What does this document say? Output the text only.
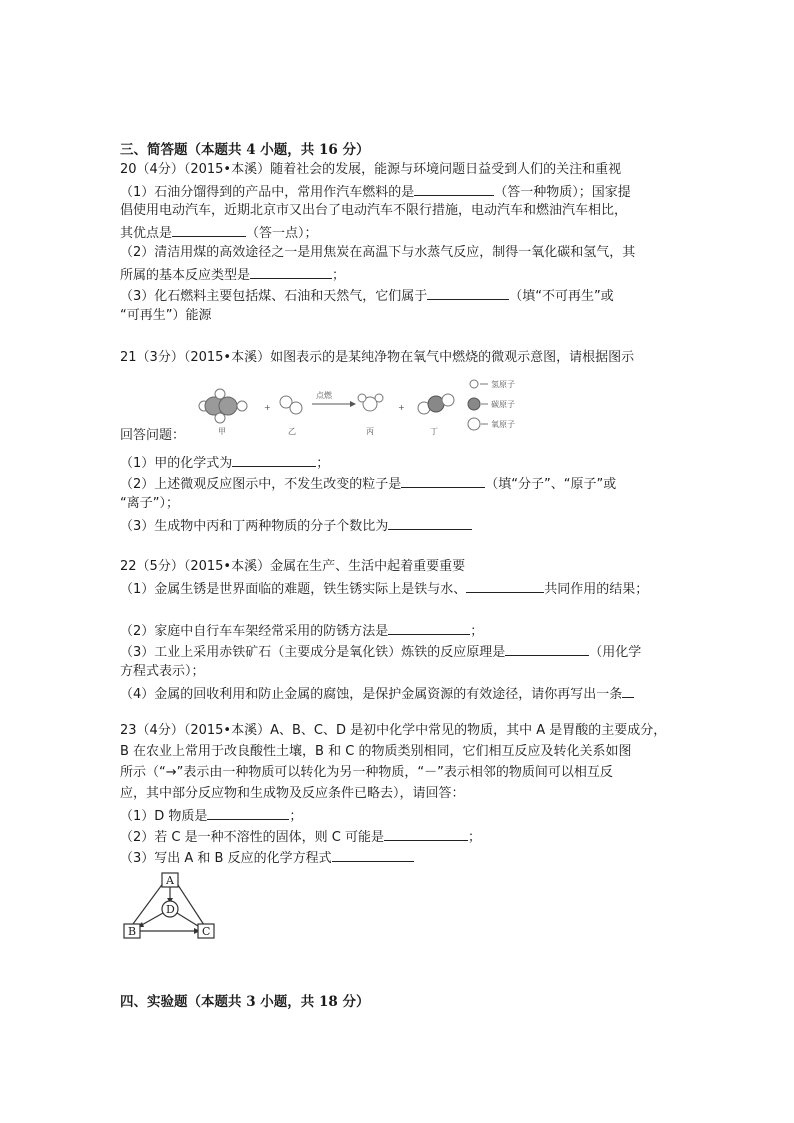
三、简答题（本题共 4 小题，共 16 分）
20（4分）（2015•本溪）随着社会的发展，能源与环境问题日益受到人们的关注和重视
（1）石油分馏得到的产品中，常用作汽车燃料的是	（答一种物质）；国家提
倡使用电动汽车，近期北京市又出台了电动汽车不限行措施，电动汽车和燃油汽车相比，
其优点是	（答一点）；
（2）清洁用煤的高效途径之一是用焦炭在高温下与水蒸气反应，制得一氧化碳和氢气，其
所属的基本反应类型是	；
（3）化石燃料主要包括煤、石油和天然气，它们属于	（填“不可再生”或
“可再生”）能源
21（3分）（2015•本溪）如图表示的是某纯净物在氧气中燃烧的微观示意图，请根据图示
甲
+
乙
点燃
丙
+
丁
氢原子
碳原子
氧原子
回答问题：
（1）甲的化学式为	；
（2）上述微观反应图示中，不发生改变的粒子是	（填“分子”、“原子”或
“离子”）；
（3）生成物中丙和丁两种物质的分子个数比为
22（5分）（2015•本溪）金属在生产、生活中起着重要重要
（1）金属生锈是世界面临的难题，铁生锈实际上是铁与水、	共同作用的结果；
（2）家庭中自行车车架经常采用的防锈方法是	；
（3）工业上采用赤铁矿石（主要成分是氧化铁）炼铁的反应原理是	（用化学
方程式表示）；
（4）金属的回收利用和防止金属的腐蚀，是保护金属资源的有效途径，请你再写出一条
23（4分）（2015•本溪）A、B、C、D 是初中化学中常见的物质，其中 A 是胃酸的主要成分，
B 在农业上常用于改良酸性土壤，B 和 C 的物质类别相同，它们相互反应及转化关系如图
所示（“→”表示由一种物质可以转化为另一种物质，“－”表示相邻的物质间可以相互反
应，其中部分反应物和生成物及反应条件已略去），请回答：
（1）D 物质是	；
（2）若 C 是一种不溶性的固体，则 C 可能是	；
（3）写出 A 和 B 反应的化学方程式
A
D
B	C
四、实验题（本题共 3 小题，共 18 分）
